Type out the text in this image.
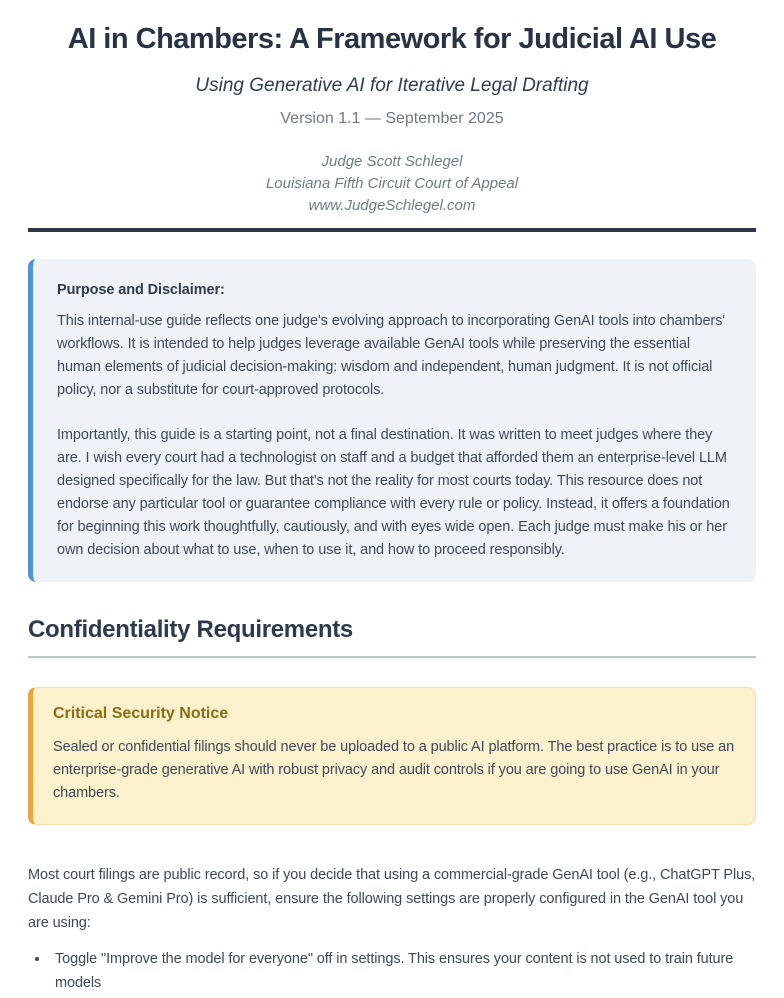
AI in Chambers: A Framework for Judicial AI Use

Using Generative AI for Iterative Legal Drafting

Version 1.1 — September 2025

Judge Scott Schlegel
Louisiana Fifth Circuit Court of Appeal
www.JudgeSchlegel.com

Purpose and Disclaimer:

This internal-use guide reflects one judge's evolving approach to incorporating GenAI tools into chambers' workflows. It is intended to help judges leverage available GenAI tools while preserving the essential human elements of judicial decision-making: wisdom and independent, human judgment. It is not official policy, nor a substitute for court-approved protocols.

Importantly, this guide is a starting point, not a final destination. It was written to meet judges where they are. I wish every court had a technologist on staff and a budget that afforded them an enterprise-level LLM designed specifically for the law. But that's not the reality for most courts today. This resource does not endorse any particular tool or guarantee compliance with every rule or policy. Instead, it offers a foundation for beginning this work thoughtfully, cautiously, and with eyes wide open. Each judge must make his or her own decision about what to use, when to use it, and how to proceed responsibly.

Confidentiality Requirements
Critical Security Notice

Sealed or confidential filings should never be uploaded to a public AI platform. The best practice is to use an enterprise-grade generative AI with robust privacy and audit controls if you are going to use GenAI in your chambers.

Most court filings are public record, so if you decide that using a commercial-grade GenAI tool (e.g., ChatGPT Plus, Claude Pro & Gemini Pro) is sufficient, ensure the following settings are properly configured in the GenAI tool you are using:

• Toggle "Improve the model for everyone" off in settings. This ensures your content is not used to train future models
